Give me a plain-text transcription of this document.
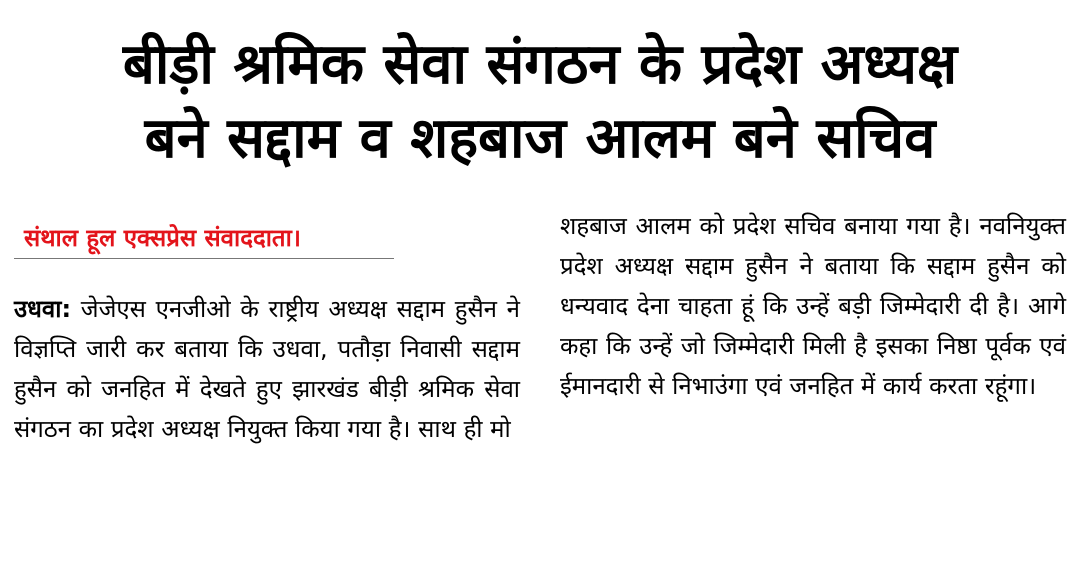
बीड़ी श्रमिक सेवा संगठन के प्रदेश अध्यक्ष
बने सद्दाम व शहबाज आलम बने सचिव
संथाल हूल एक्सप्रेस संवाददाता।
उधवा: जेजेएस एनजीओ के राष्ट्रीय अध्यक्ष सद्दाम हुसैन ने विज्ञप्ति जारी कर बताया कि उधवा, पतौड़ा निवासी सद्दाम हुसैन को जनहित में देखते हुए झारखंड बीड़ी श्रमिक सेवा संगठन का प्रदेश अध्यक्ष नियुक्त किया गया है। साथ ही मो
शहबाज आलम को प्रदेश सचिव बनाया गया है। नवनियुक्त प्रदेश अध्यक्ष सद्दाम हुसैन ने बताया कि सद्दाम हुसैन को धन्यवाद देना चाहता हूं कि उन्हें बड़ी जिम्मेदारी दी है। आगे कहा कि उन्हें जो जिम्मेदारी मिली है इसका निष्ठा पूर्वक एवं ईमानदारी से निभाउंगा एवं जनहित में कार्य करता रहूंगा।
